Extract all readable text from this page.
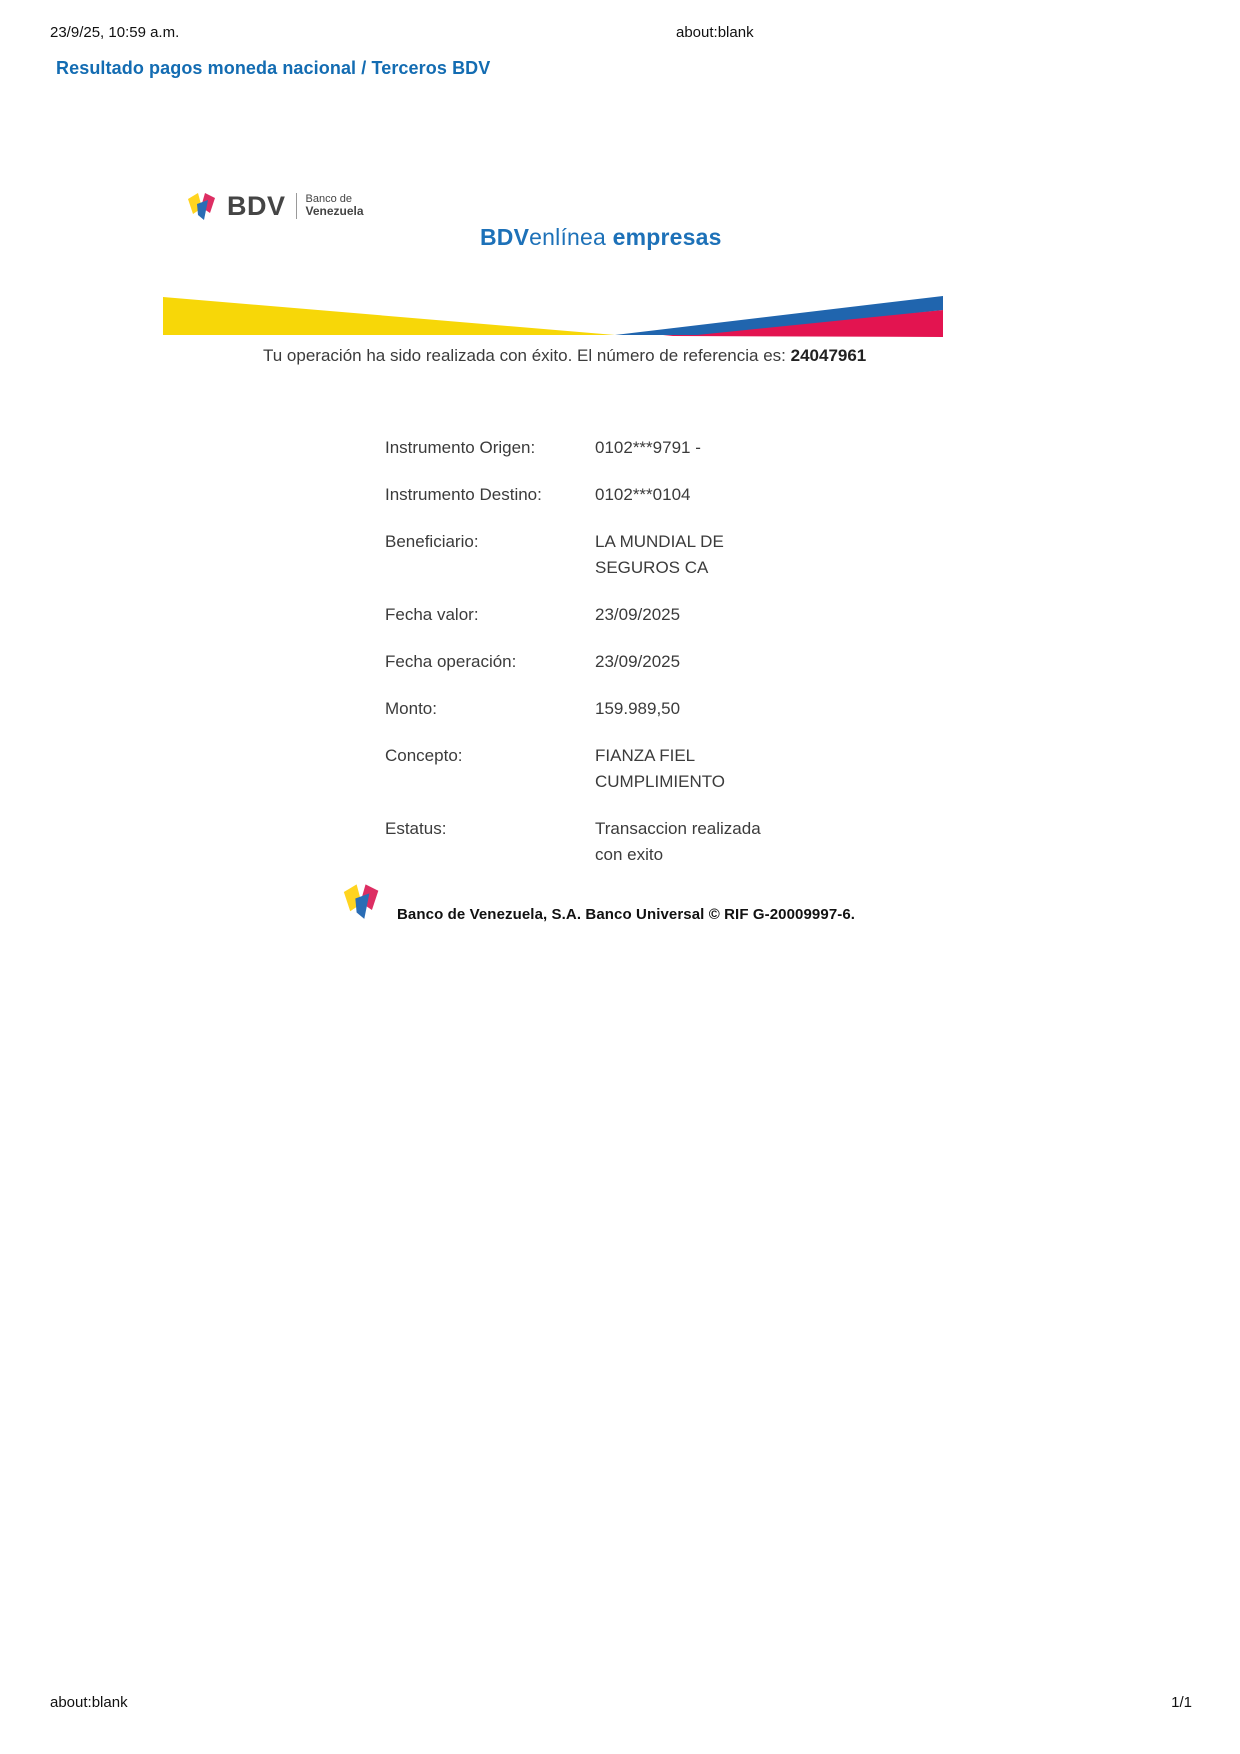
23/9/25, 10:59 a.m.	about:blank
Resultado pagos moneda nacional / Terceros BDV
BDV Banco de
Venezuela
BDVenlínea empresas
Tu operación ha sido realizada con éxito. El número de referencia es: 24047961
Instrumento Origen:	0102***9791 -
Instrumento Destino:	0102***0104
Beneficiario:	LA MUNDIAL DE SEGUROS CA
Fecha valor:	23/09/2025
Fecha operación:	23/09/2025
Monto:	159.989,50
Concepto:	FIANZA FIEL CUMPLIMIENTO
Estatus:	Transaccion realizada con exito
Banco de Venezuela, S.A. Banco Universal © RIF G-20009997-6.
about:blank	1/1
